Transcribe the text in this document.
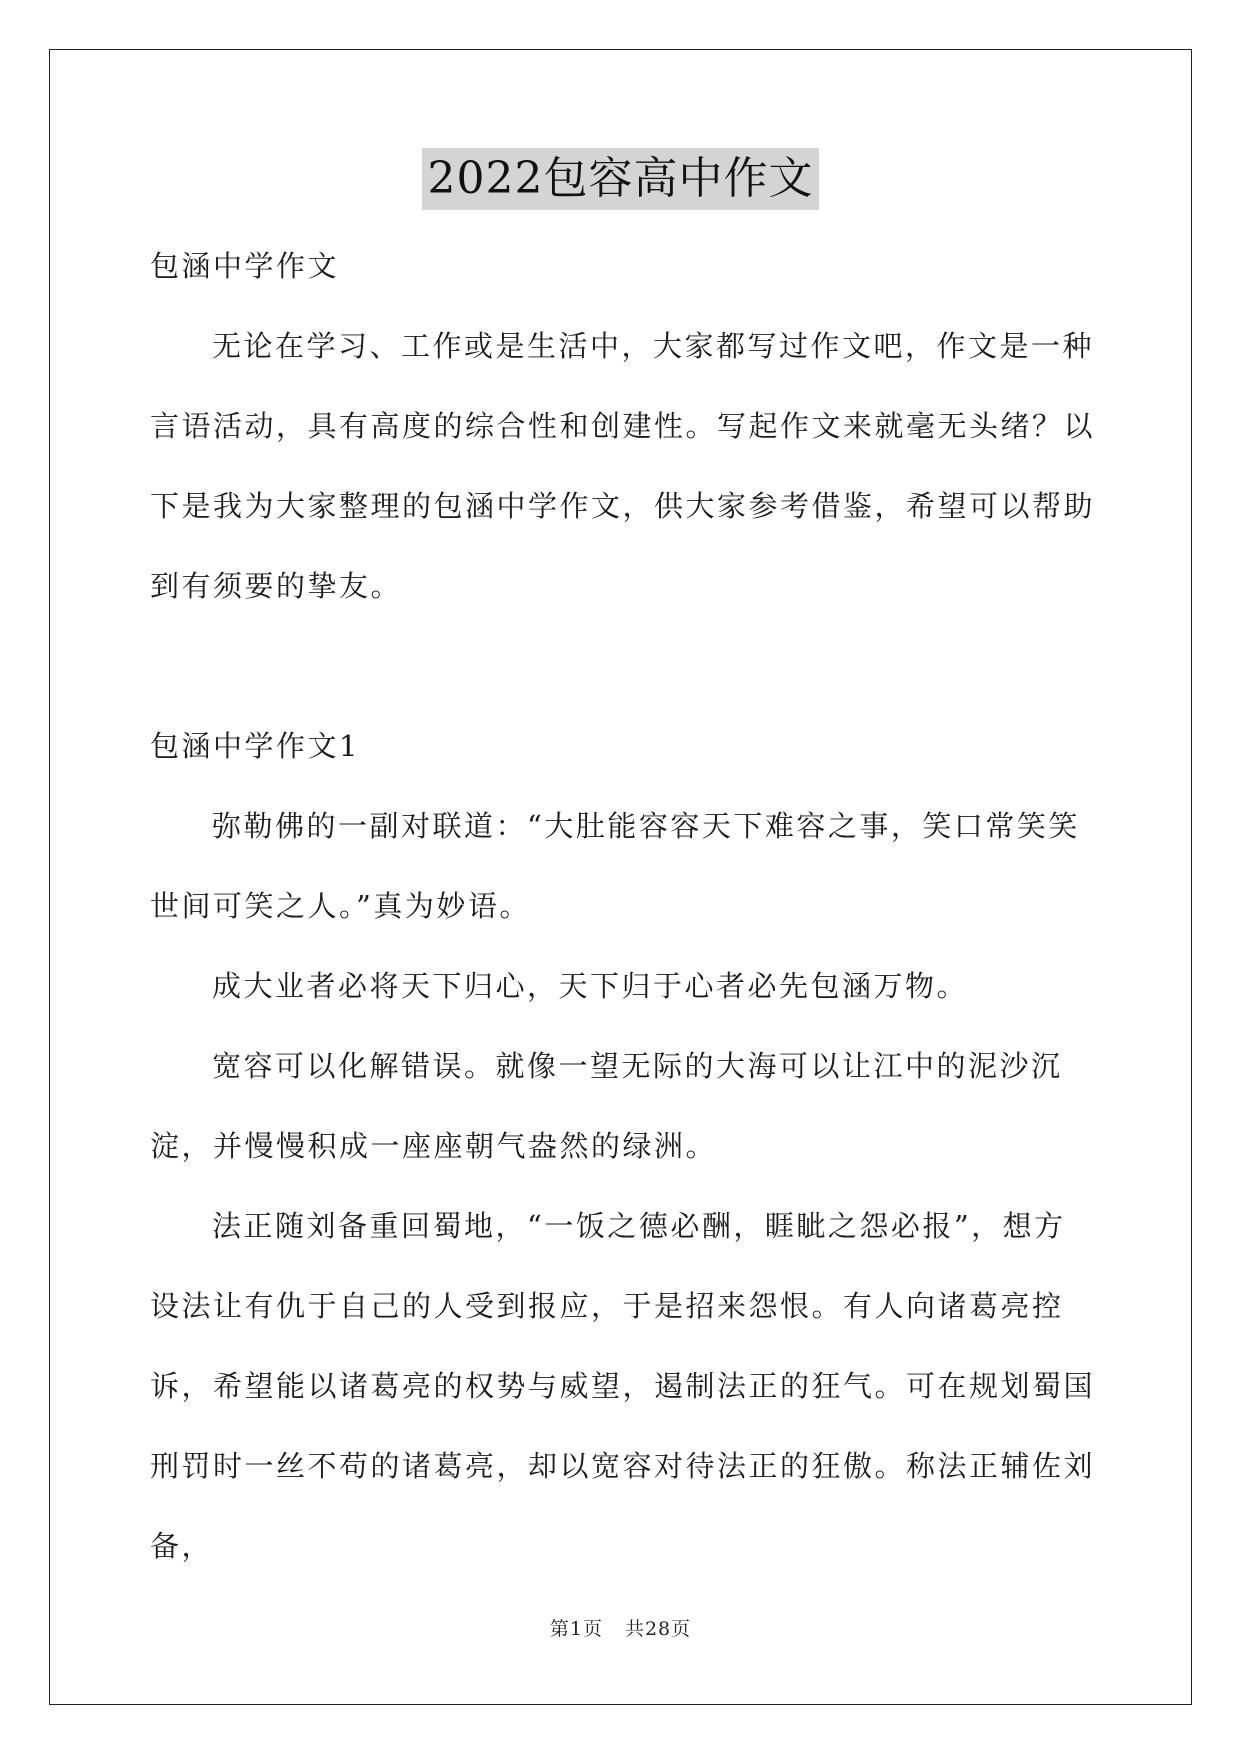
2022包容高中作文

包涵中学作文

无论在学习、工作或是生活中，大家都写过作文吧，作文是一种言语活动，具有高度的综合性和创建性。写起作文来就毫无头绪？以下是我为大家整理的包涵中学作文，供大家参考借鉴，希望可以帮助到有须要的挚友。

包涵中学作文1

弥勒佛的一副对联道：“大肚能容容天下难容之事，笑口常笑笑世间可笑之人。”真为妙语。

成大业者必将天下归心，天下归于心者必先包涵万物。

宽容可以化解错误。就像一望无际的大海可以让江中的泥沙沉淀，并慢慢积成一座座朝气盎然的绿洲。

法正随刘备重回蜀地，“一饭之德必酬，睚眦之怨必报”，想方设法让有仇于自己的人受到报应，于是招来怨恨。有人向诸葛亮控诉，希望能以诸葛亮的权势与威望，遏制法正的狂气。可在规划蜀国刑罚时一丝不苟的诸葛亮，却以宽容对待法正的狂傲。称法正辅佐刘备，

第1页 共28页
